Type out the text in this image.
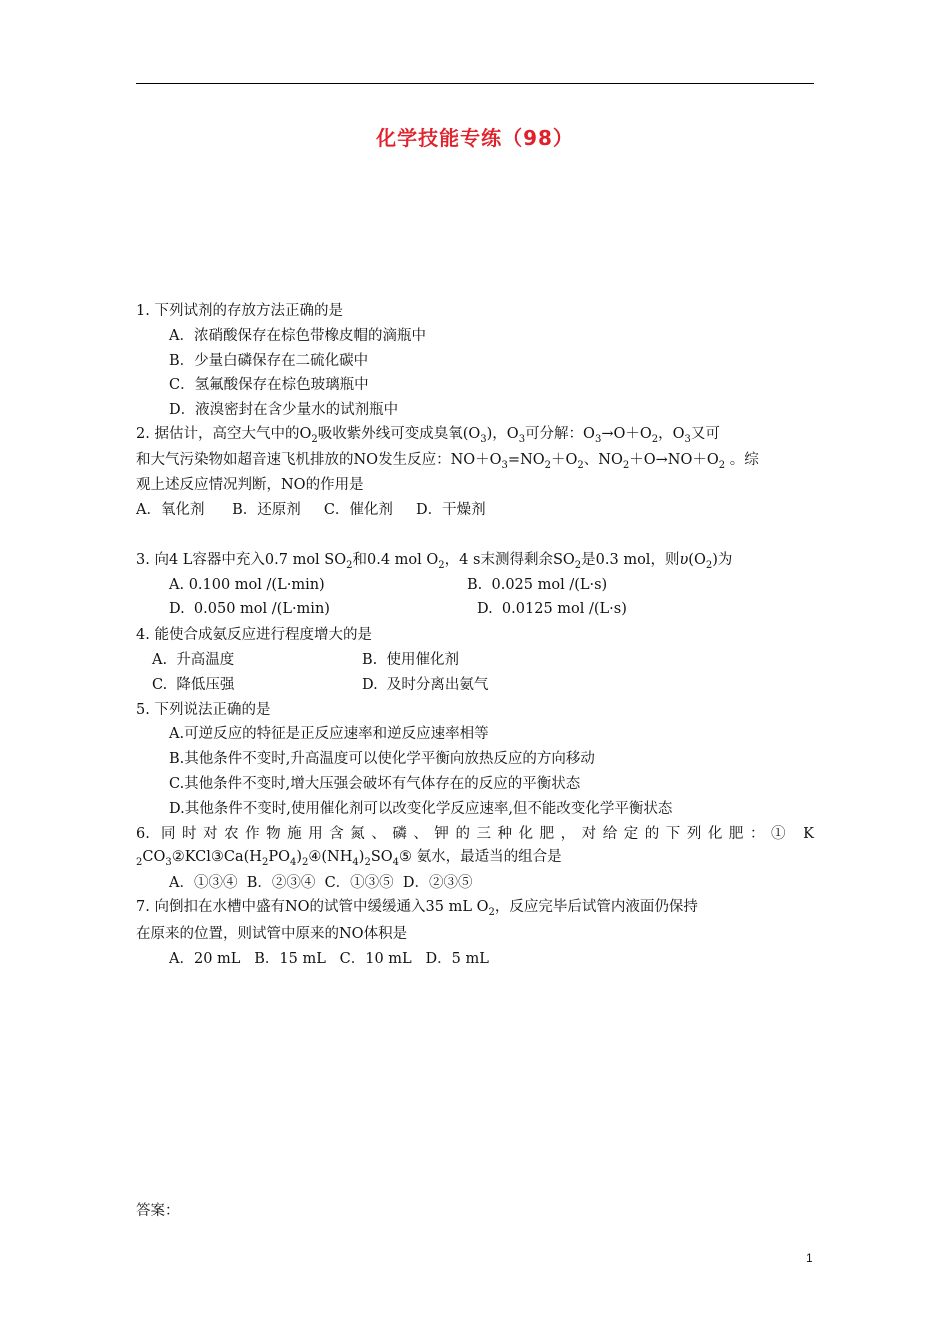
化学技能专练（98）
1. 下列试剂的存放方法正确的是
A．浓硝酸保存在棕色带橡皮帽的滴瓶中
B．少量白磷保存在二硫化碳中
C．氢氟酸保存在棕色玻璃瓶中
D．液溴密封在含少量水的试剂瓶中
2. 据估计，高空大气中的$O_2$吸收紫外线可变成臭氧$(O_3)$，$O_3$可分解：$O_3\to O+O_2$，$O_3$又可
和大气污染物如超音速飞机排放的NO发生反应：$NO+O_3=NO_2+O_2$、$NO_2+O\to NO+O_2$ 。综
观上述反应情况判断，NO的作用是
A．氧化剂      B．还原剂     C．催化剂     D．干燥剂
3. 向4 L容器中充入0.7 mol $SO_2$和0.4 mol $O_2$，4 s末测得剩余$SO_2$是0.3 mol，则$\upsilon(O_2)$为
A. 0.100 mol /(L·min)	B.  0.025 mol /(L·s)
D.  0.050 mol /(L·min)	D.  0.0125 mol /(L·s)
4. 能使合成氨反应进行程度增大的是
A.  升高温度	B.  使用催化剂
C.  降低压强	D.  及时分离出氨气
5. 下列说法正确的是
A.可逆反应的特征是正反应速率和逆反应速率相等
B.其他条件不变时,升高温度可以使化学平衡向放热反应的方向移动
C.其他条件不变时,增大压强会破坏有气体存在的反应的平衡状态
D.其他条件不变时,使用催化剂可以改变化学反应速率,但不能改变化学平衡状态
6. 同时对农作物施用含氮、磷、钾的三种化肥，对给定的下列化肥：① K
$_2CO_3②KCl③Ca(H_2PO_4)_2④(NH_4)_2SO_4⑤$ 氨水，最适当的组合是
A．①③④  B．②③④  C．①③⑤  D．②③⑤
7. 向倒扣在水槽中盛有NO的试管中缓缓通入35 mL $O_2$，反应完毕后试管内液面仍保持
在原来的位置，则试管中原来的NO体积是
A．20 mL   B．15 mL   C．10 mL   D．5 mL
答案：
1
